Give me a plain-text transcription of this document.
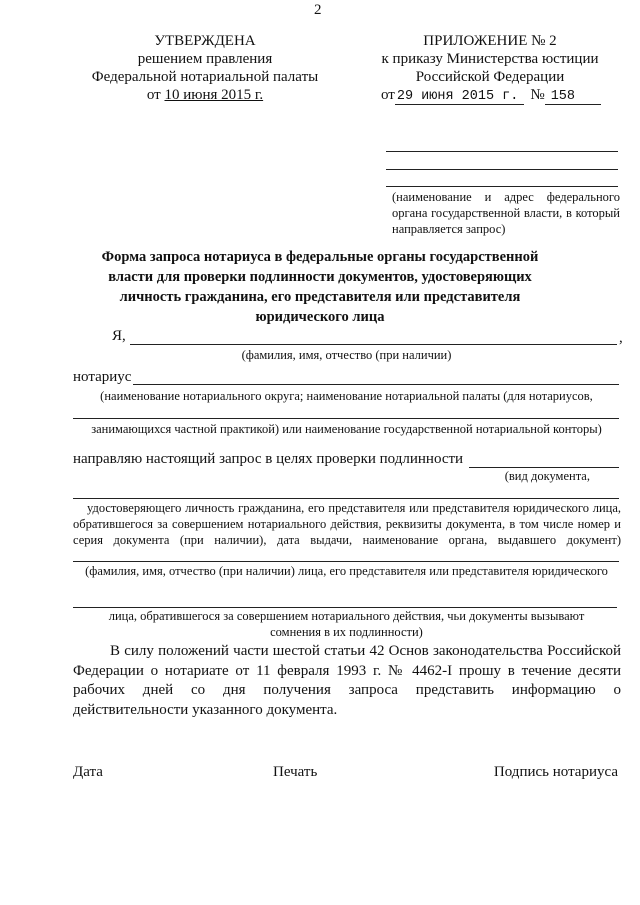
2
УТВЕРЖДЕНА
решением правления
Федеральной нотариальной палаты
от 10 июня 2015 г.
ПРИЛОЖЕНИЕ № 2
к приказу Министерства юстиции
Российской Федерации
от 29 июня 2015 г. № 158
(наименование и адрес федерального органа государственной власти, в который направляется запрос)
Форма запроса нотариуса в федеральные органы государственной власти для проверки подлинности документов, удостоверяющих личность гражданина, его представителя или представителя юридического лица
Я,	,
(фамилия, имя, отчество (при наличии)
нотариус
(наименование нотариального округа; наименование нотариальной палаты (для нотариусов,
занимающихся частной практикой) или наименование государственной нотариальной конторы)
направляю настоящий запрос в целях проверки подлинности
(вид документа,
удостоверяющего личность гражданина, его представителя или представителя юридического лица, обратившегося за совершением нотариального действия, реквизиты документа, в том числе номер и серия документа (при наличии), дата выдачи, наименование органа, выдавшего документ)
(фамилия, имя, отчество (при наличии) лица, его представителя или представителя юридического
лица, обратившегося за совершением нотариального действия, чьи документы вызывают
сомнения в их подлинности)
В силу положений части шестой статьи 42 Основ законодательства Российской Федерации о нотариате от 11 февраля 1993 г. № 4462-I прошу в течение десяти рабочих дней со дня получения запроса представить информацию о действительности указанного документа.
Дата	Печать	Подпись нотариуса
